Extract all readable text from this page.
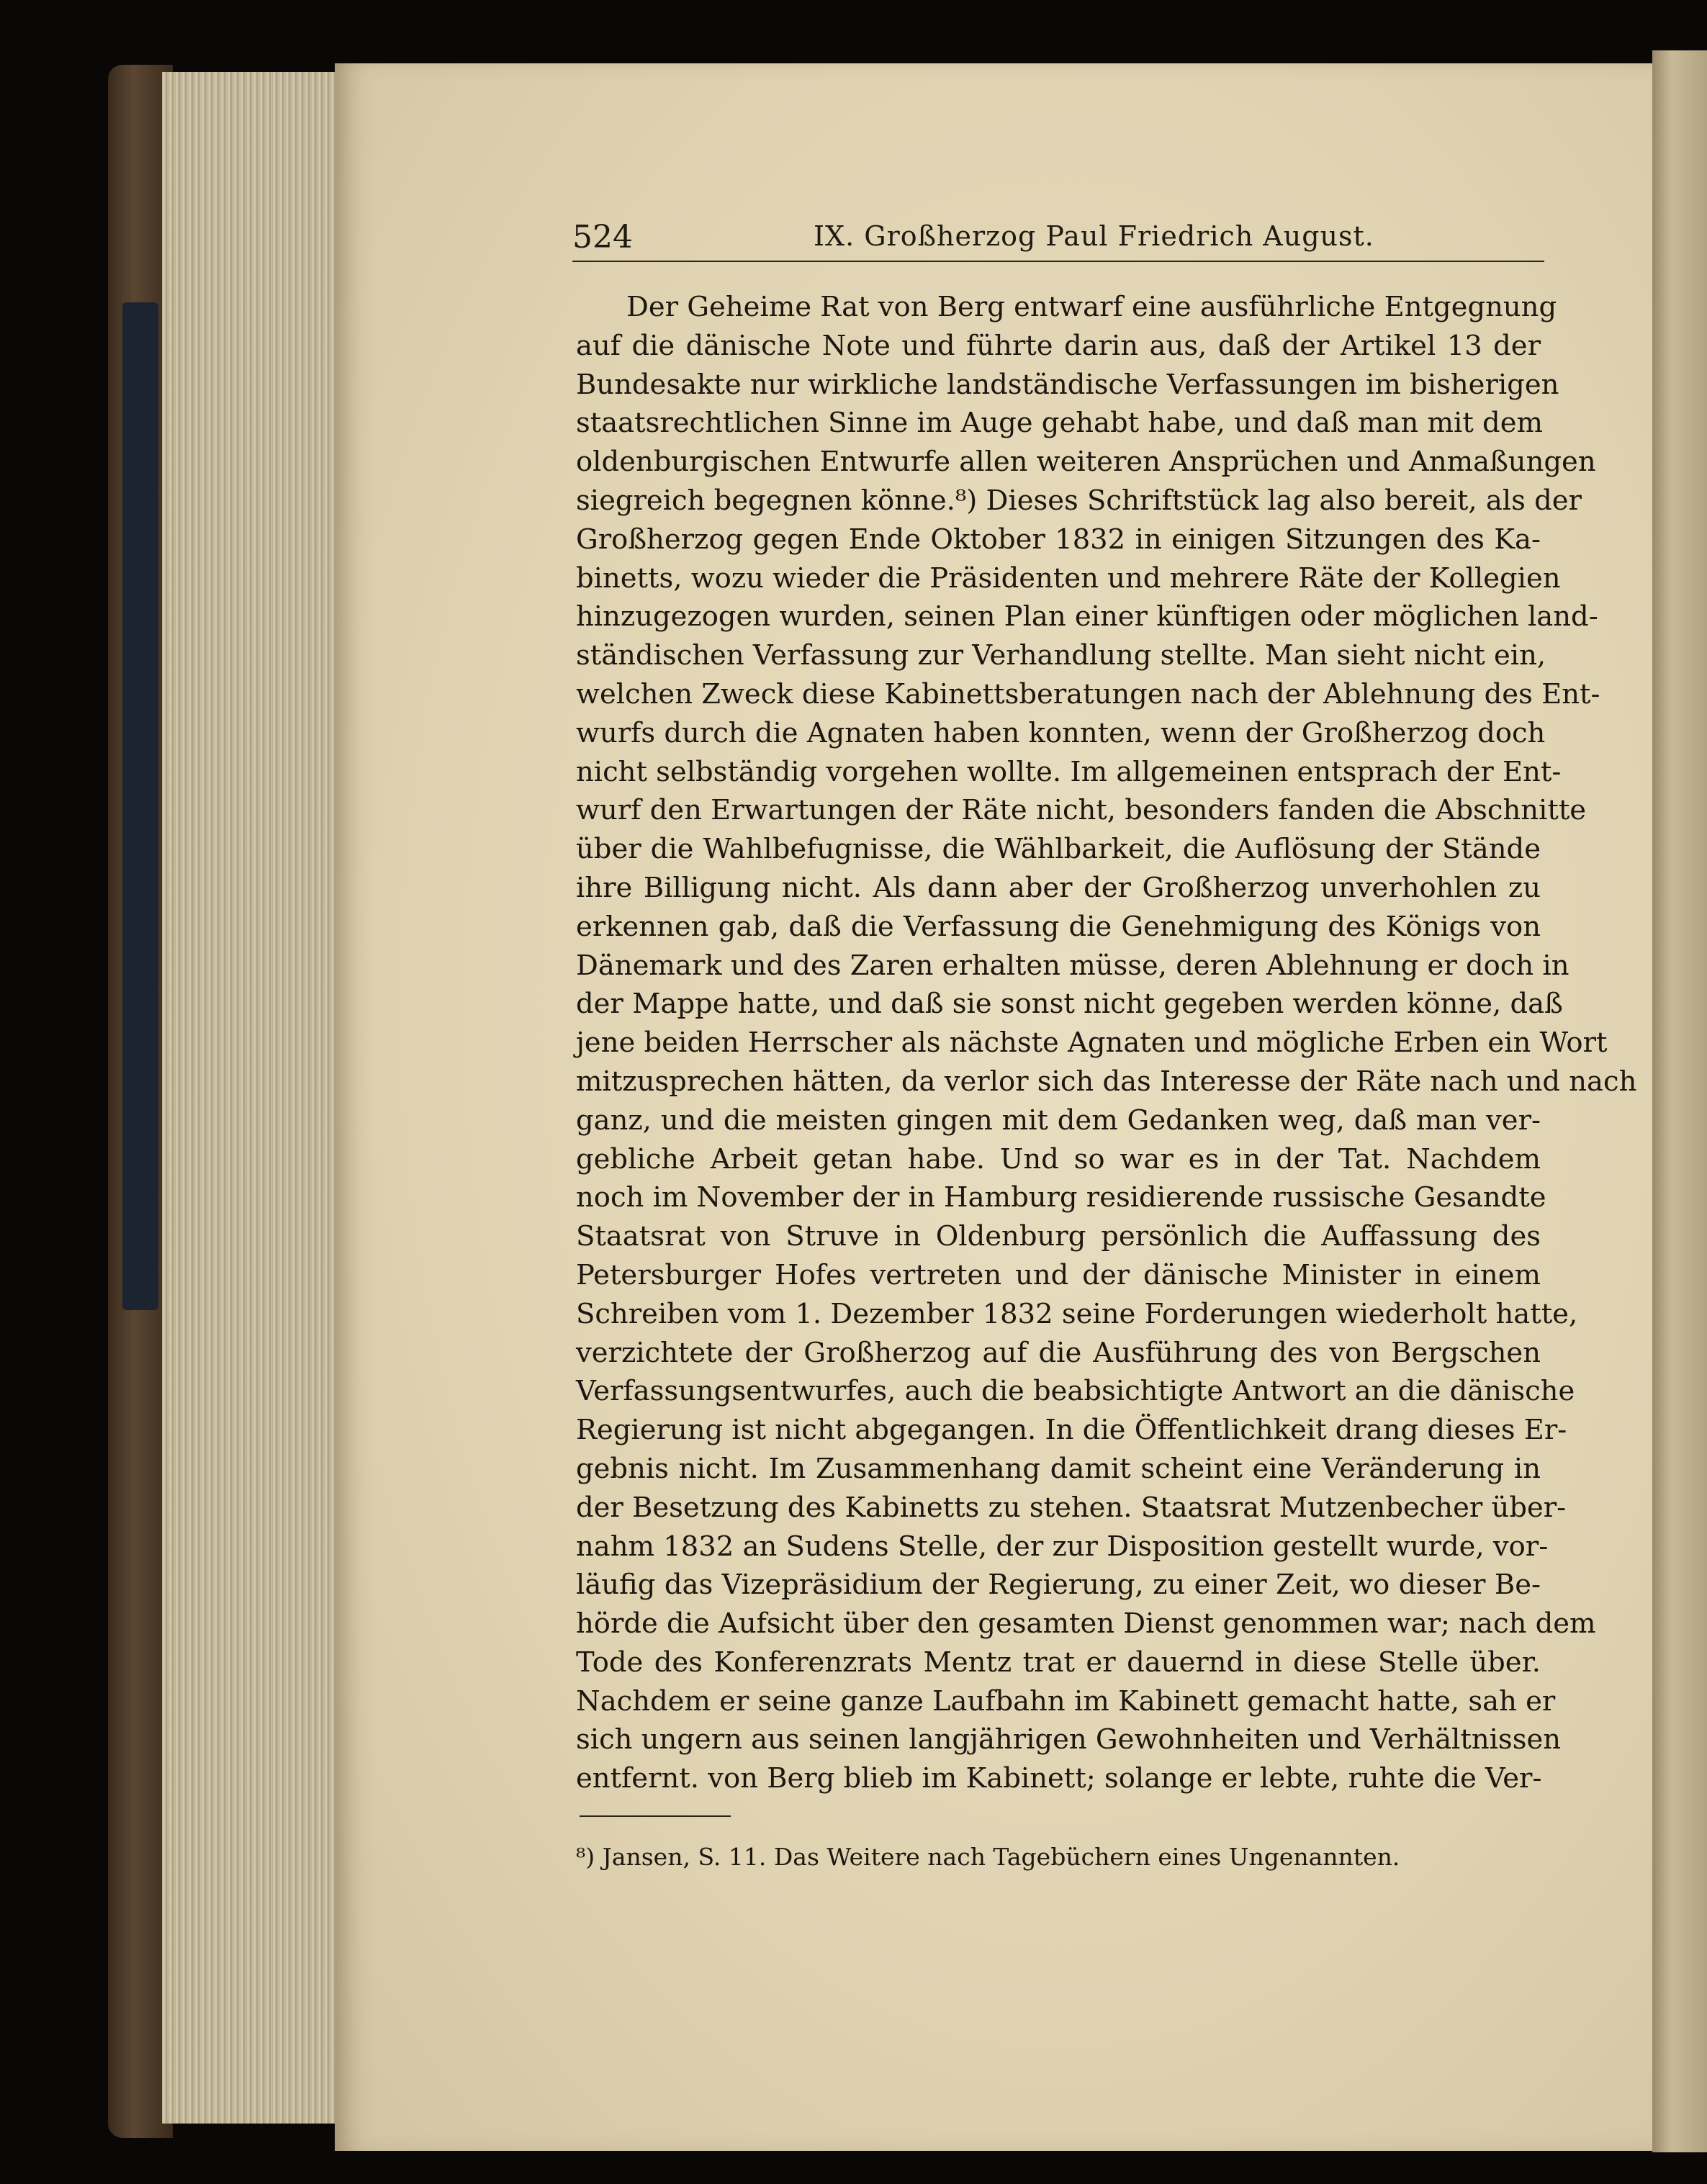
524	IX. Großherzog Paul Friedrich August.
Der Geheime Rat von Berg entwarf eine ausführliche Entgegnung
auf die dänische Note und führte darin aus, daß der Artikel 13 der
Bundesakte nur wirkliche landständische Verfassungen im bisherigen
staatsrechtlichen Sinne im Auge gehabt habe, und daß man mit dem
oldenburgischen Entwurfe allen weiteren Ansprüchen und Anmaßungen
siegreich begegnen könne.⁸) Dieses Schriftstück lag also bereit, als der
Großherzog gegen Ende Oktober 1832 in einigen Sitzungen des Ka-
binetts, wozu wieder die Präsidenten und mehrere Räte der Kollegien
hinzugezogen wurden, seinen Plan einer künftigen oder möglichen land-
ständischen Verfassung zur Verhandlung stellte. Man sieht nicht ein,
welchen Zweck diese Kabinettsberatungen nach der Ablehnung des Ent-
wurfs durch die Agnaten haben konnten, wenn der Großherzog doch
nicht selbständig vorgehen wollte. Im allgemeinen entsprach der Ent-
wurf den Erwartungen der Räte nicht, besonders fanden die Abschnitte
über die Wahlbefugnisse, die Wählbarkeit, die Auflösung der Stände
ihre Billigung nicht. Als dann aber der Großherzog unverhohlen zu
erkennen gab, daß die Verfassung die Genehmigung des Königs von
Dänemark und des Zaren erhalten müsse, deren Ablehnung er doch in
der Mappe hatte, und daß sie sonst nicht gegeben werden könne, daß
jene beiden Herrscher als nächste Agnaten und mögliche Erben ein Wort
mitzusprechen hätten, da verlor sich das Interesse der Räte nach und nach
ganz, und die meisten gingen mit dem Gedanken weg, daß man ver-
gebliche Arbeit getan habe. Und so war es in der Tat. Nachdem
noch im November der in Hamburg residierende russische Gesandte
Staatsrat von Struve in Oldenburg persönlich die Auffassung des
Petersburger Hofes vertreten und der dänische Minister in einem
Schreiben vom 1. Dezember 1832 seine Forderungen wiederholt hatte,
verzichtete der Großherzog auf die Ausführung des von Bergschen
Verfassungsentwurfes, auch die beabsichtigte Antwort an die dänische
Regierung ist nicht abgegangen. In die Öffentlichkeit drang dieses Er-
gebnis nicht. Im Zusammenhang damit scheint eine Veränderung in
der Besetzung des Kabinetts zu stehen. Staatsrat Mutzenbecher über-
nahm 1832 an Sudens Stelle, der zur Disposition gestellt wurde, vor-
läufig das Vizepräsidium der Regierung, zu einer Zeit, wo dieser Be-
hörde die Aufsicht über den gesamten Dienst genommen war; nach dem
Tode des Konferenzrats Mentz trat er dauernd in diese Stelle über.
Nachdem er seine ganze Laufbahn im Kabinett gemacht hatte, sah er
sich ungern aus seinen langjährigen Gewohnheiten und Verhältnissen
entfernt. von Berg blieb im Kabinett; solange er lebte, ruhte die Ver-
⁸) Jansen, S. 11. Das Weitere nach Tagebüchern eines Ungenannten.
